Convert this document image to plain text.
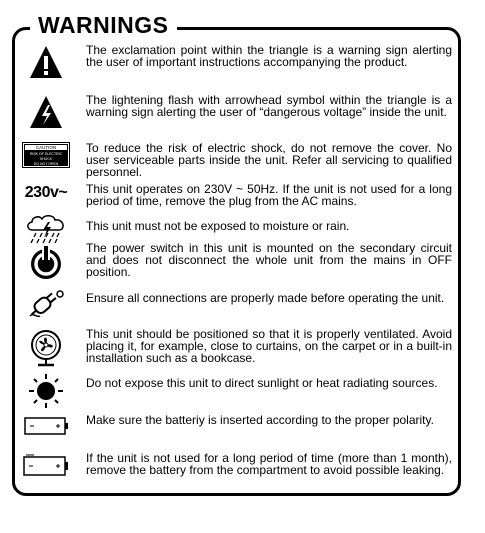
WARNINGS
The exclamation point within the triangle is a warning sign alerting the user of important instructions accompanying the product.
The lightening flash with arrowhead symbol within the triangle is a warning sign alerting the user of “dangerous voltage” inside the unit.
CAUTION
RISK OF ELECTRIC
SHOCK
DO NOT OPEN
To reduce the risk of electric shock, do not remove the cover. No user serviceable parts inside the unit. Refer all servicing to qualified personnel.
230v~ This unit operates on 230V ~ 50Hz. If the unit is not used for a long period of time, remove the plug from the AC mains.
This unit must not be exposed to moisture or rain.
The power switch in this unit is mounted on the secondary circuit and does not disconnect the whole unit from the mains in OFF position.
Ensure all connections are properly made before operating the unit.
This unit should be positioned so that it is properly ventilated. Avoid placing it, for example, close to curtains, on the carpet or in a built-in installation such as a bookcase.
Do not expose this unit to direct sunlight or heat radiating sources.
Make sure the batteriy is inserted according to the proper polarity.
If the unit is not used for a long period of time (more than 1 month), remove the battery from the compartment to avoid possible leaking.
